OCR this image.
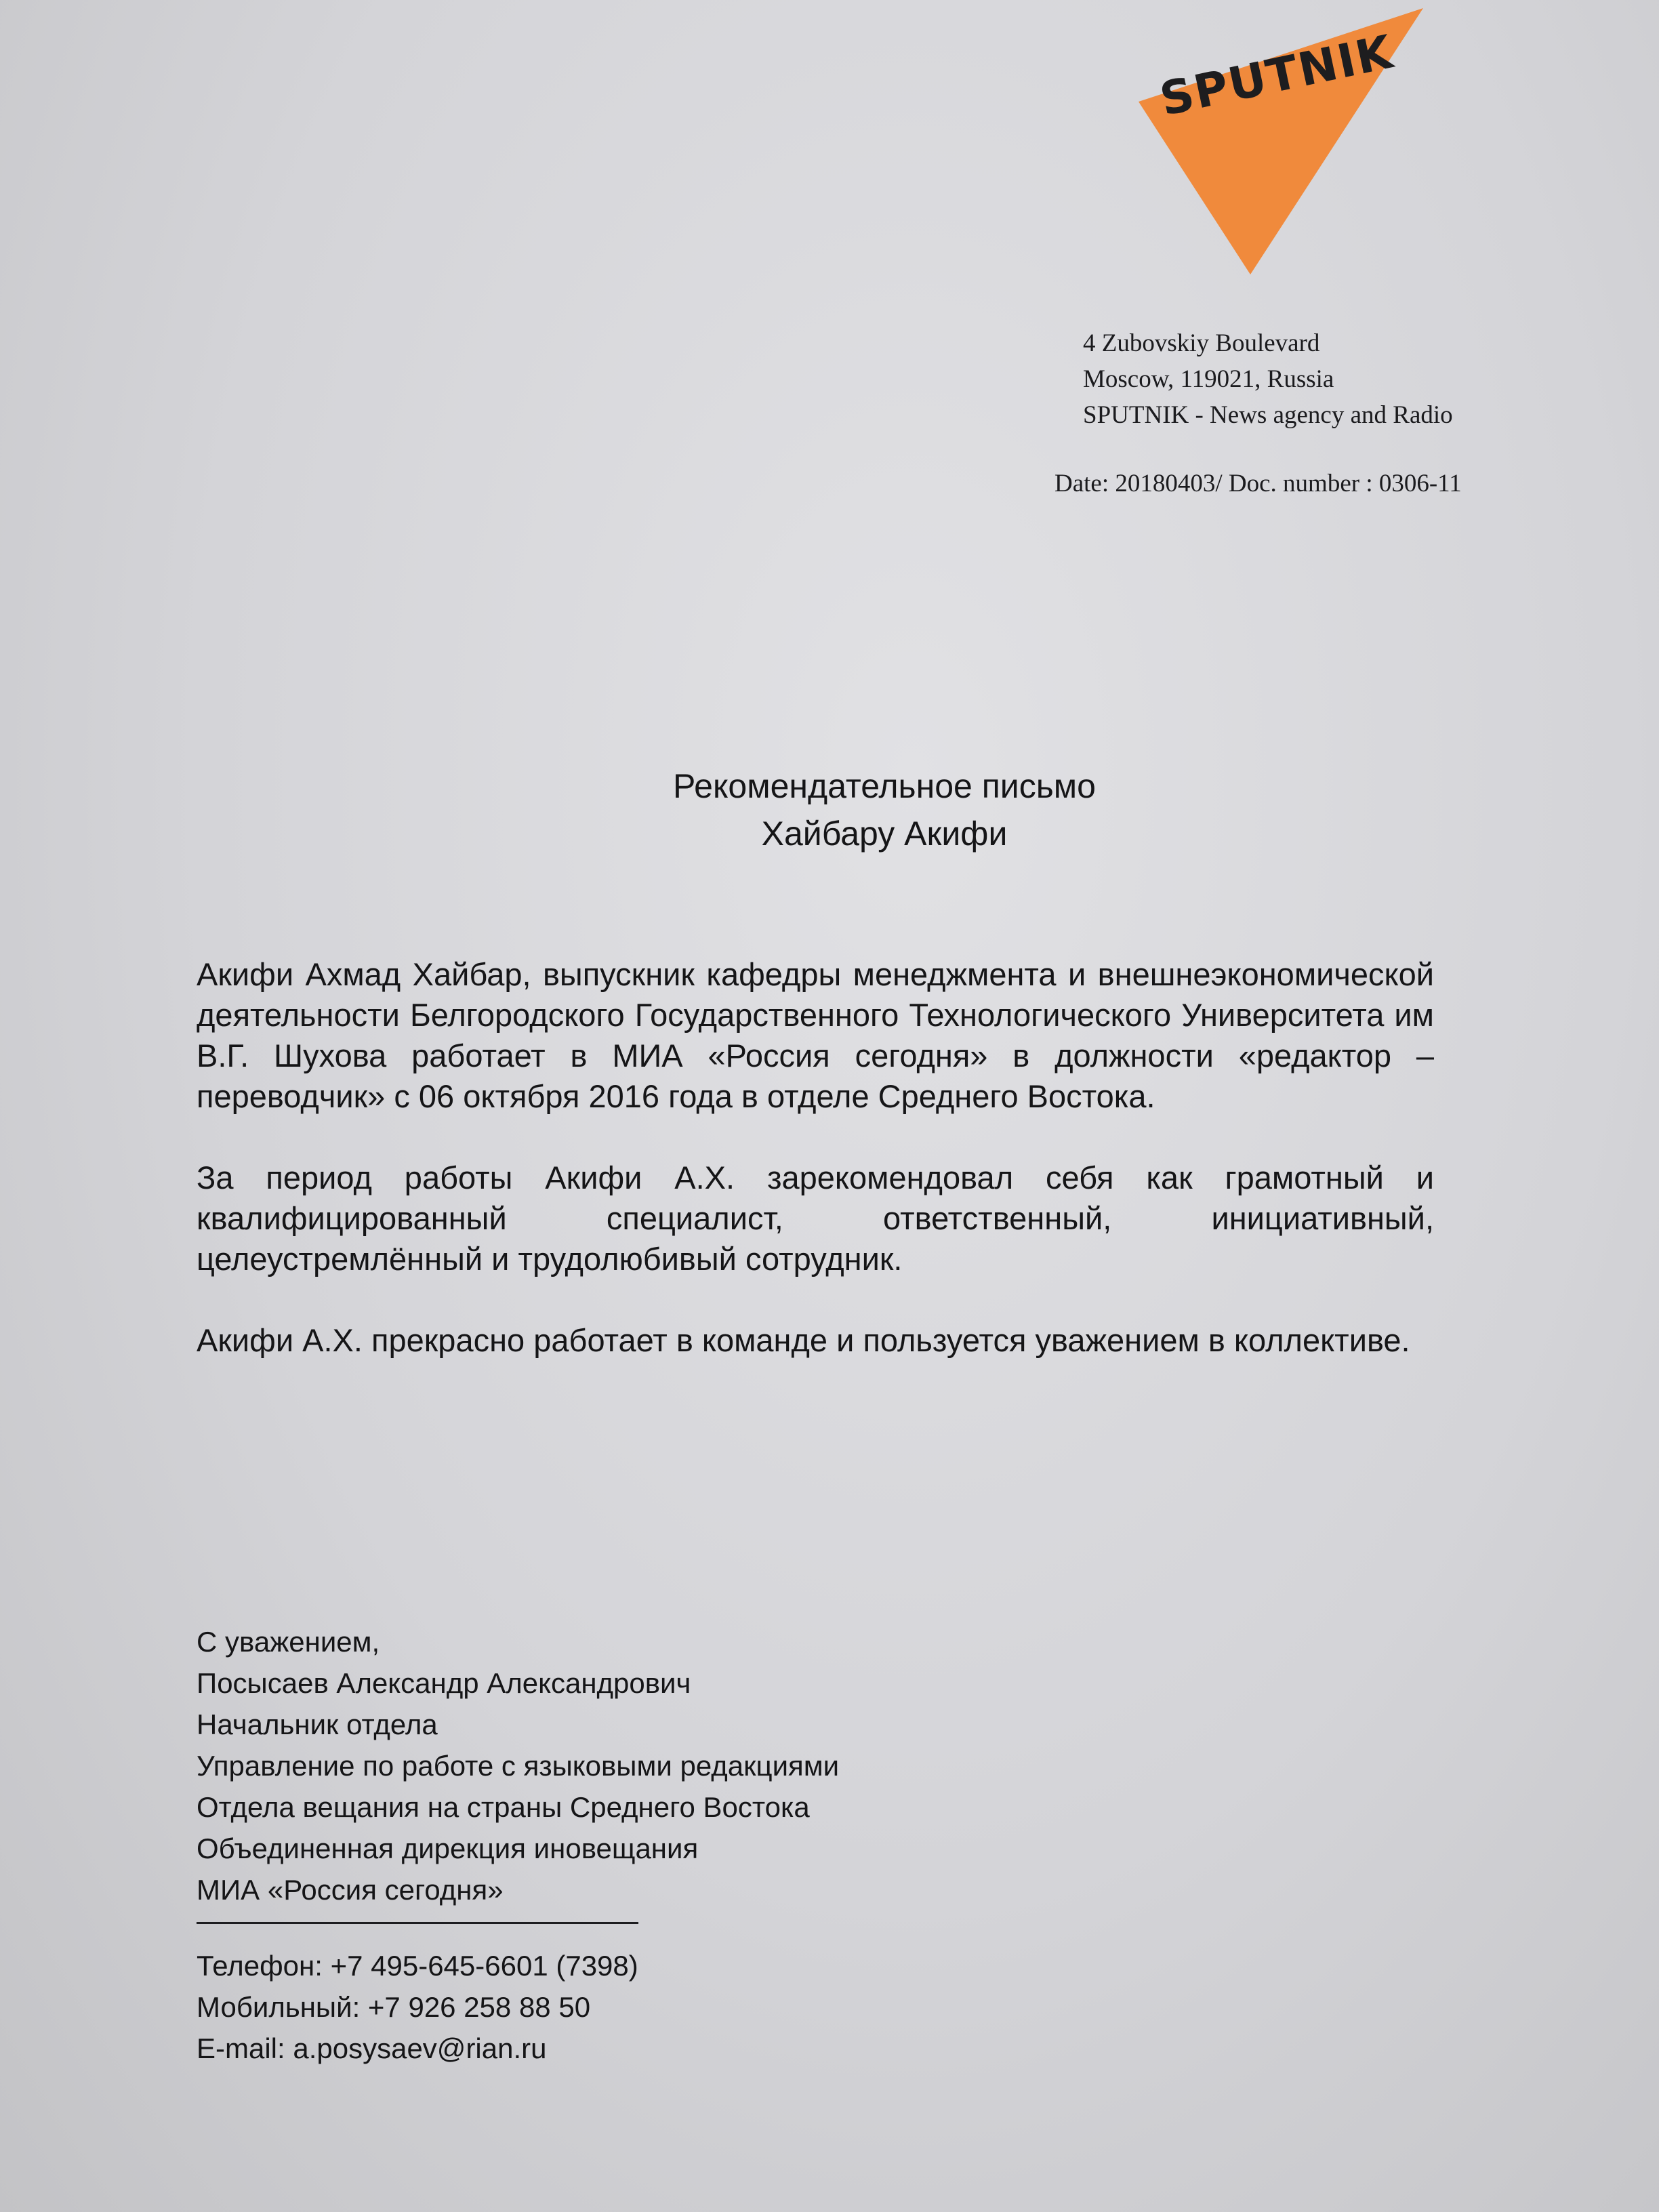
SPUTNIK
4 Zubovskiy Boulevard
Moscow, 119021, Russia
SPUTNIK - News agency and Radio
Date: 20180403/ Doc. number : 0306-11
Рекомендательное письмо
Хайбару Акифи

Акифи Ахмад Хайбар, выпускник кафедры менеджмента и внешнеэкономической деятельности Белгородского Государственного Технологического Университета им В.Г. Шухова работает в МИА «Россия сегодня» в должности «редактор – переводчик» с 06 октября 2016 года в отделе Среднего Востока.

За период работы Акифи А.Х. зарекомендовал себя как грамотный и квалифицированный специалист, ответственный, инициативный, целеустремлённый и трудолюбивый сотрудник.

Акифи А.Х. прекрасно работает в команде и пользуется уважением в коллективе.

С уважением,
Посысаев Александр Александрович
Начальник отдела
Управление по работе с языковыми редакциями
Отдела вещания на страны Среднего Востока
Объединенная дирекция иновещания
МИА «Россия сегодня»
Телефон: +7 495-645-6601 (7398)
Мобильный: +7 926 258 88 50
E-mail: a.posysaev@rian.ru
